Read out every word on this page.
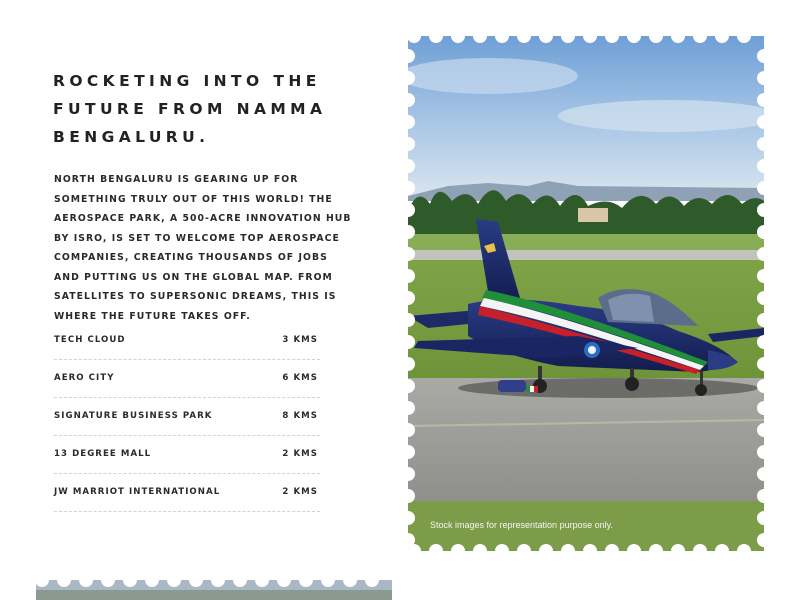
ROCKETING INTO THE FUTURE FROM NAMMA BENGALURU.

NORTH BENGALURU IS GEARING UP FOR SOMETHING TRULY OUT OF THIS WORLD! THE AEROSPACE PARK, A 500-ACRE INNOVATION HUB BY ISRO, IS SET TO WELCOME TOP AEROSPACE COMPANIES, CREATING THOUSANDS OF JOBS AND PUTTING US ON THE GLOBAL MAP. FROM SATELLITES TO SUPERSONIC DREAMS, THIS IS WHERE THE FUTURE TAKES OFF.

TECH CLOUD	3 KMS
AERO CITY	6 KMS
SIGNATURE BUSINESS PARK	8 KMS
13 DEGREE MALL	2 KMS
JW MARRIOT INTERNATIONAL	2 KMS
Stock images for representation purpose only.
